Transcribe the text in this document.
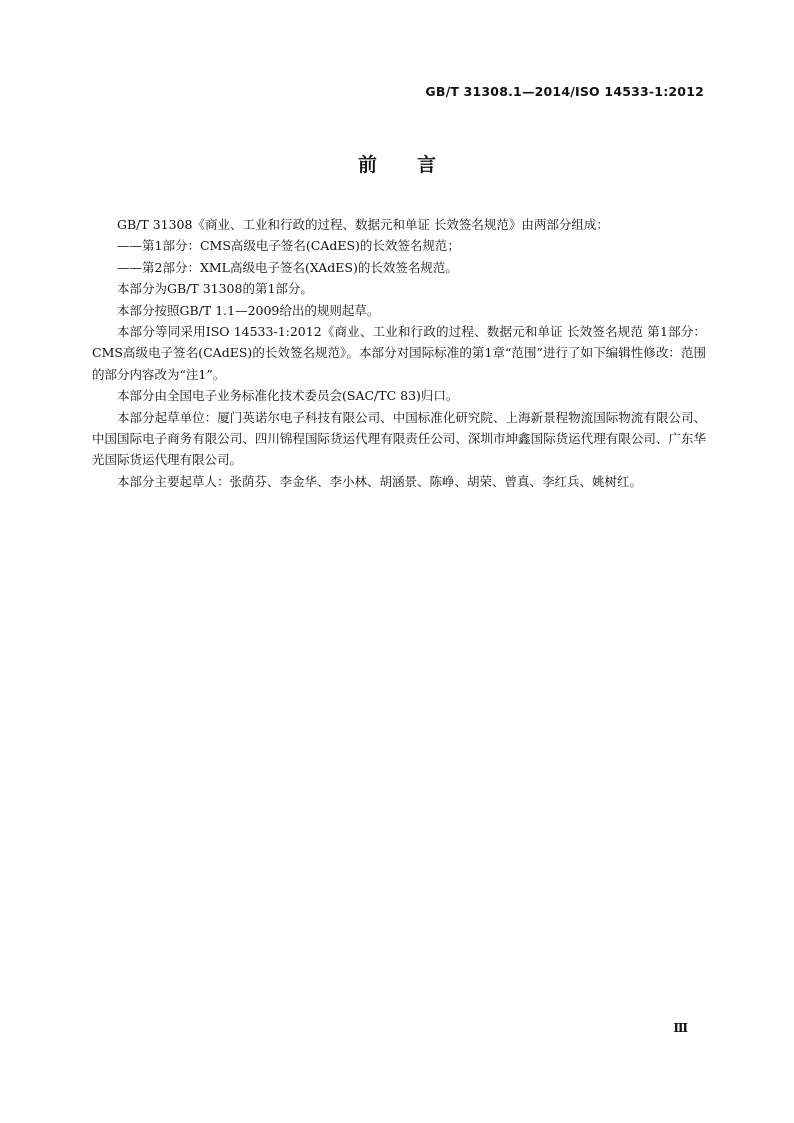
GB/T 31308.1—2014/ISO 14533-1:2012
前言

GB/T 31308《商业、工业和行政的过程、数据元和单证 长效签名规范》由两部分组成：

——第1部分：CMS高级电子签名(CAdES)的长效签名规范；

——第2部分：XML高级电子签名(XAdES)的长效签名规范。

本部分为GB/T 31308的第1部分。

本部分按照GB/T 1.1—2009给出的规则起草。

本部分等同采用ISO 14533-1:2012《商业、工业和行政的过程、数据元和单证 长效签名规范 第1部分：CMS高级电子签名(CAdES)的长效签名规范》。本部分对国际标准的第1章“范围”进行了如下编辑性修改：范围的部分内容改为“注1”。

本部分由全国电子业务标准化技术委员会(SAC/TC 83)归口。

本部分起草单位：厦门英诺尔电子科技有限公司、中国标准化研究院、上海新景程物流国际物流有限公司、中国国际电子商务有限公司、四川锦程国际货运代理有限责任公司、深圳市坤鑫国际货运代理有限公司、广东华光国际货运代理有限公司。

本部分主要起草人：张荫芬、李金华、李小林、胡涵景、陈峥、胡荣、曾真、李红兵、姚树红。

Ⅲ
